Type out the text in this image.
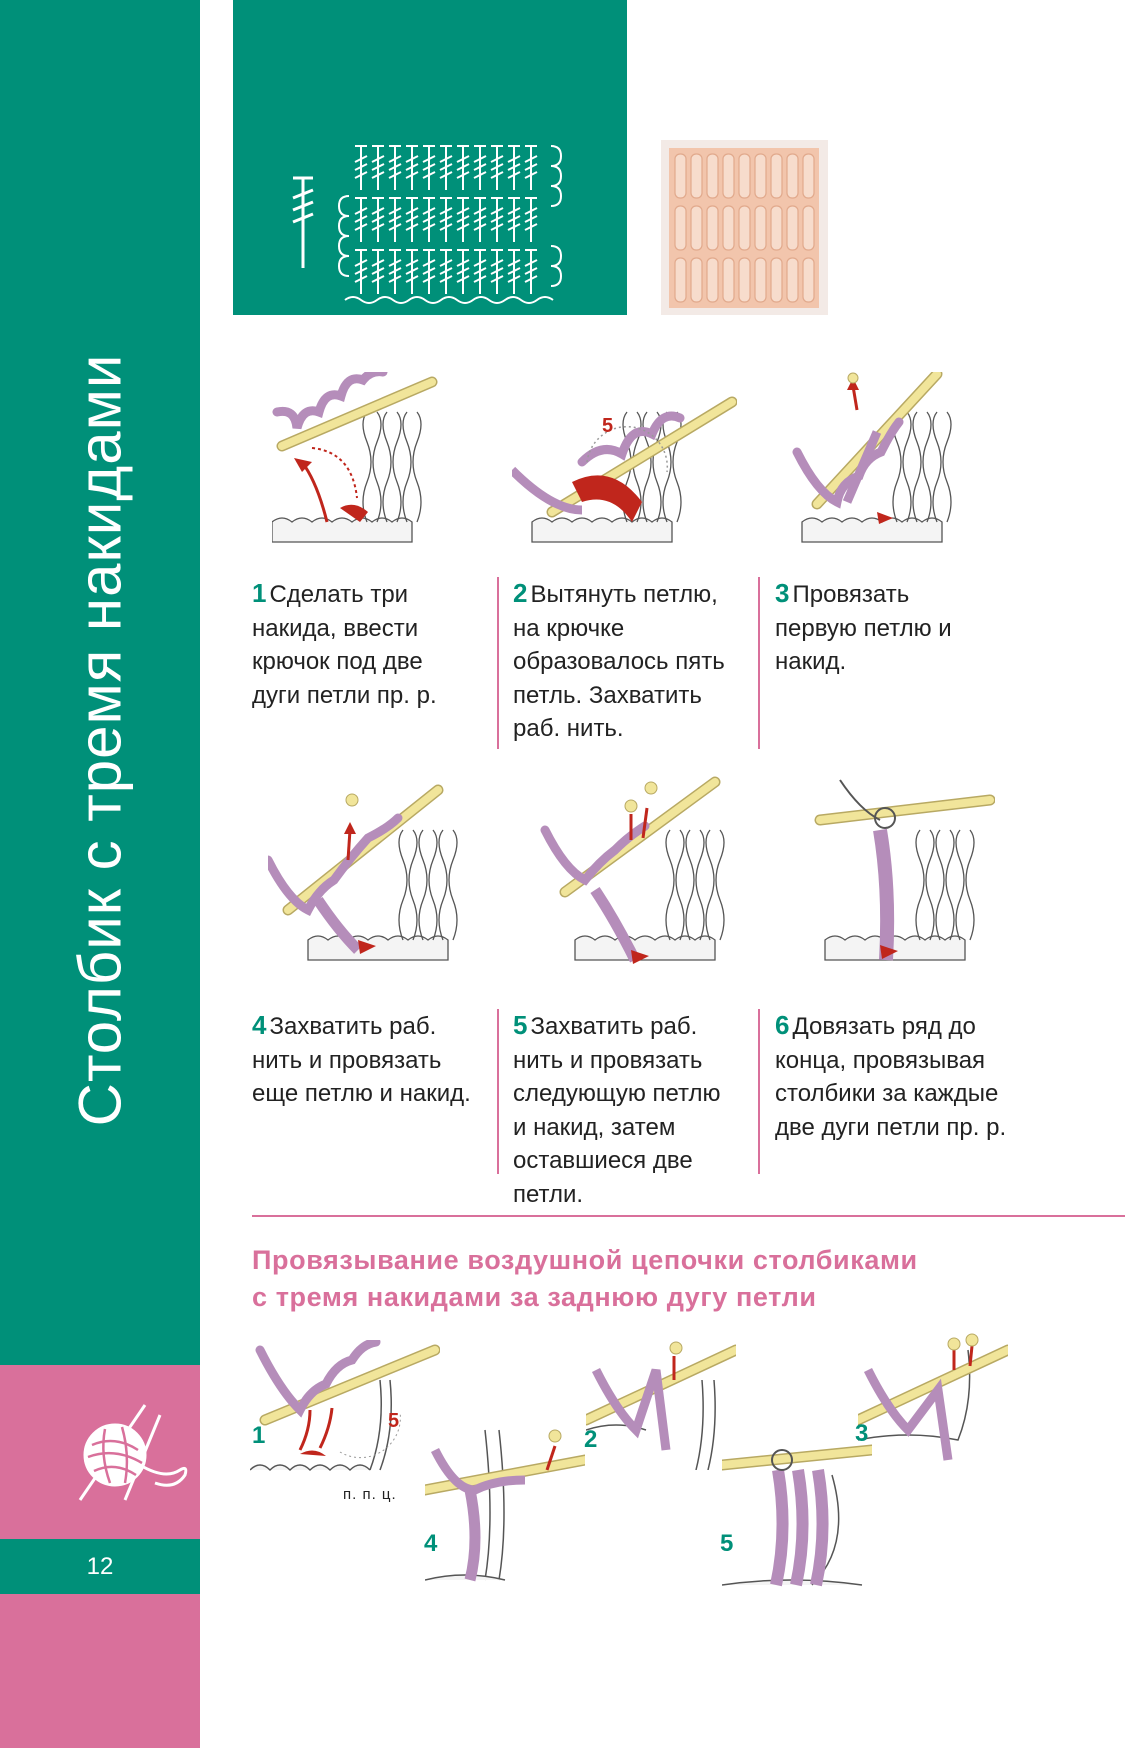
Столбик с тремя накидами
12
5
1 Сделать три накида, ввести крючок под две дуги петли пр. р.
2 Вытянуть петлю, на крючке образовалось пять петль. Захватить раб. нить.
3 Провязать первую петлю и накид.
4 Захватить раб. нить и провязать еще петлю и накид.
5 Захватить раб. нить и провязать следующую петлю и накид, затем оставшиеся две петли.
6 Довязать ряд до конца, провязывая столбики за каждые две дуги петли пр. р.
Провязывание воздушной цепочки столбиками
с тремя накидами за заднюю дугу петли
п. п. ц.
1
5
2	3
4	5
